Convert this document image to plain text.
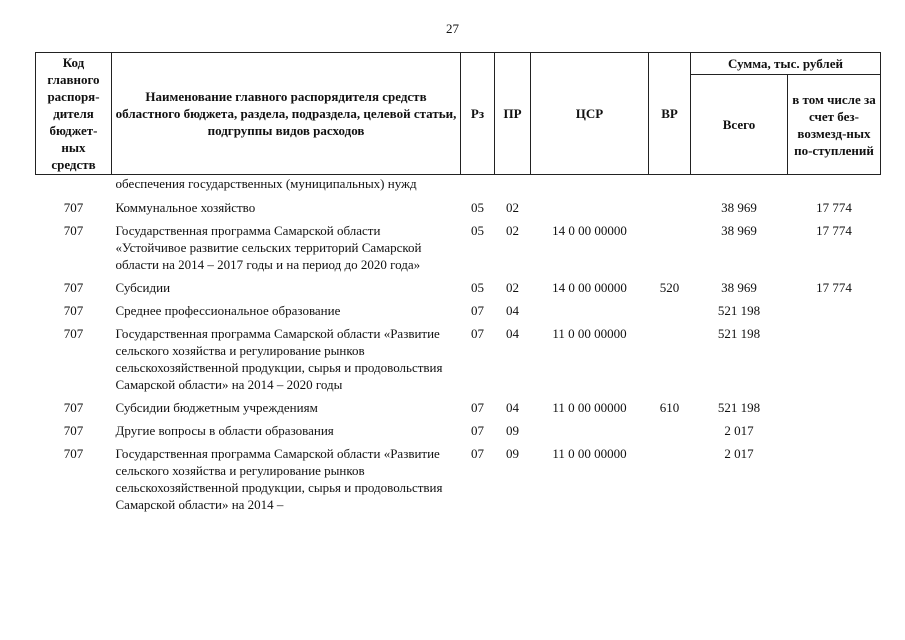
27
Код главного распоря-дителя бюджет-ных средств	Наименование главного распорядителя средств областного бюджета, раздела, подраздела, целевой статьи, подгруппы видов расходов	Рз	ПР	ЦСР	ВР	Сумма, тыс. рублей	
						Всего	в том числе за счет без-возмезд-ных по-ступлений
	обеспечения государственных (муниципальных) нужд						
707	Коммунальное хозяйство	05	02			38 969	17 774
707	Государственная программа Самарской области «Устойчивое развитие сельских территорий Самарской области на 2014 – 2017 годы и на период до 2020 года»	05	02	14 0 00 00000		38 969	17 774
707	Субсидии	05	02	14 0 00 00000	520	38 969	17 774
707	Среднее профессиональное образование	07	04			521 198	
707	Государственная программа Самарской области «Развитие сельского хозяйства и регулирование рынков сельскохозяйственной продукции, сырья и продовольствия Самарской области» на 2014 – 2020 годы	07	04	11 0 00 00000		521 198	
707	Субсидии бюджетным учреждениям	07	04	11 0 00 00000	610	521 198	
707	Другие вопросы в области образования	07	09			2 017	
707	Государственная программа Самарской области «Развитие сельского хозяйства и регулирование рынков сельскохозяйственной продукции, сырья и продовольствия Самарской области» на 2014 –	07	09	11 0 00 00000		2 017	
